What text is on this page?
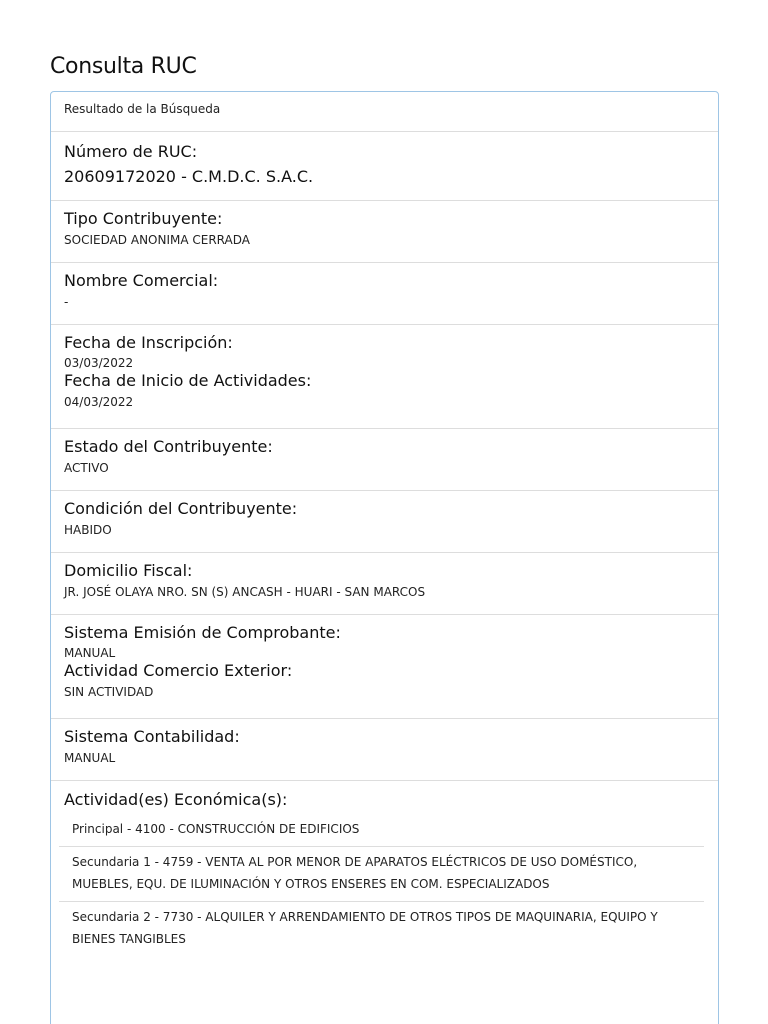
Consulta RUC
Resultado de la Búsqueda
Número de RUC:
20609172020 - C.M.D.C. S.A.C.
Tipo Contribuyente:

SOCIEDAD ANONIMA CERRADA

Nombre Comercial:

-

Fecha de Inscripción:

03/03/2022

Fecha de Inicio de Actividades:

04/03/2022

Estado del Contribuyente:

ACTIVO

Condición del Contribuyente:

HABIDO

Domicilio Fiscal:

JR. JOSÉ OLAYA NRO. SN (S) ANCASH - HUARI - SAN MARCOS

Sistema Emisión de Comprobante:

MANUAL

Actividad Comercio Exterior:

SIN ACTIVIDAD

Sistema Contabilidad:

MANUAL

Actividad(es) Económica(s):
Principal - 4100 - CONSTRUCCIÓN DE EDIFICIOS
Secundaria 1 - 4759 - VENTA AL POR MENOR DE APARATOS ELÉCTRICOS DE USO DOMÉSTICO, MUEBLES, EQU. DE ILUMINACIÓN Y OTROS ENSERES EN COM. ESPECIALIZADOS
Secundaria 2 - 7730 - ALQUILER Y ARRENDAMIENTO DE OTROS TIPOS DE MAQUINARIA, EQUIPO Y BIENES TANGIBLES
